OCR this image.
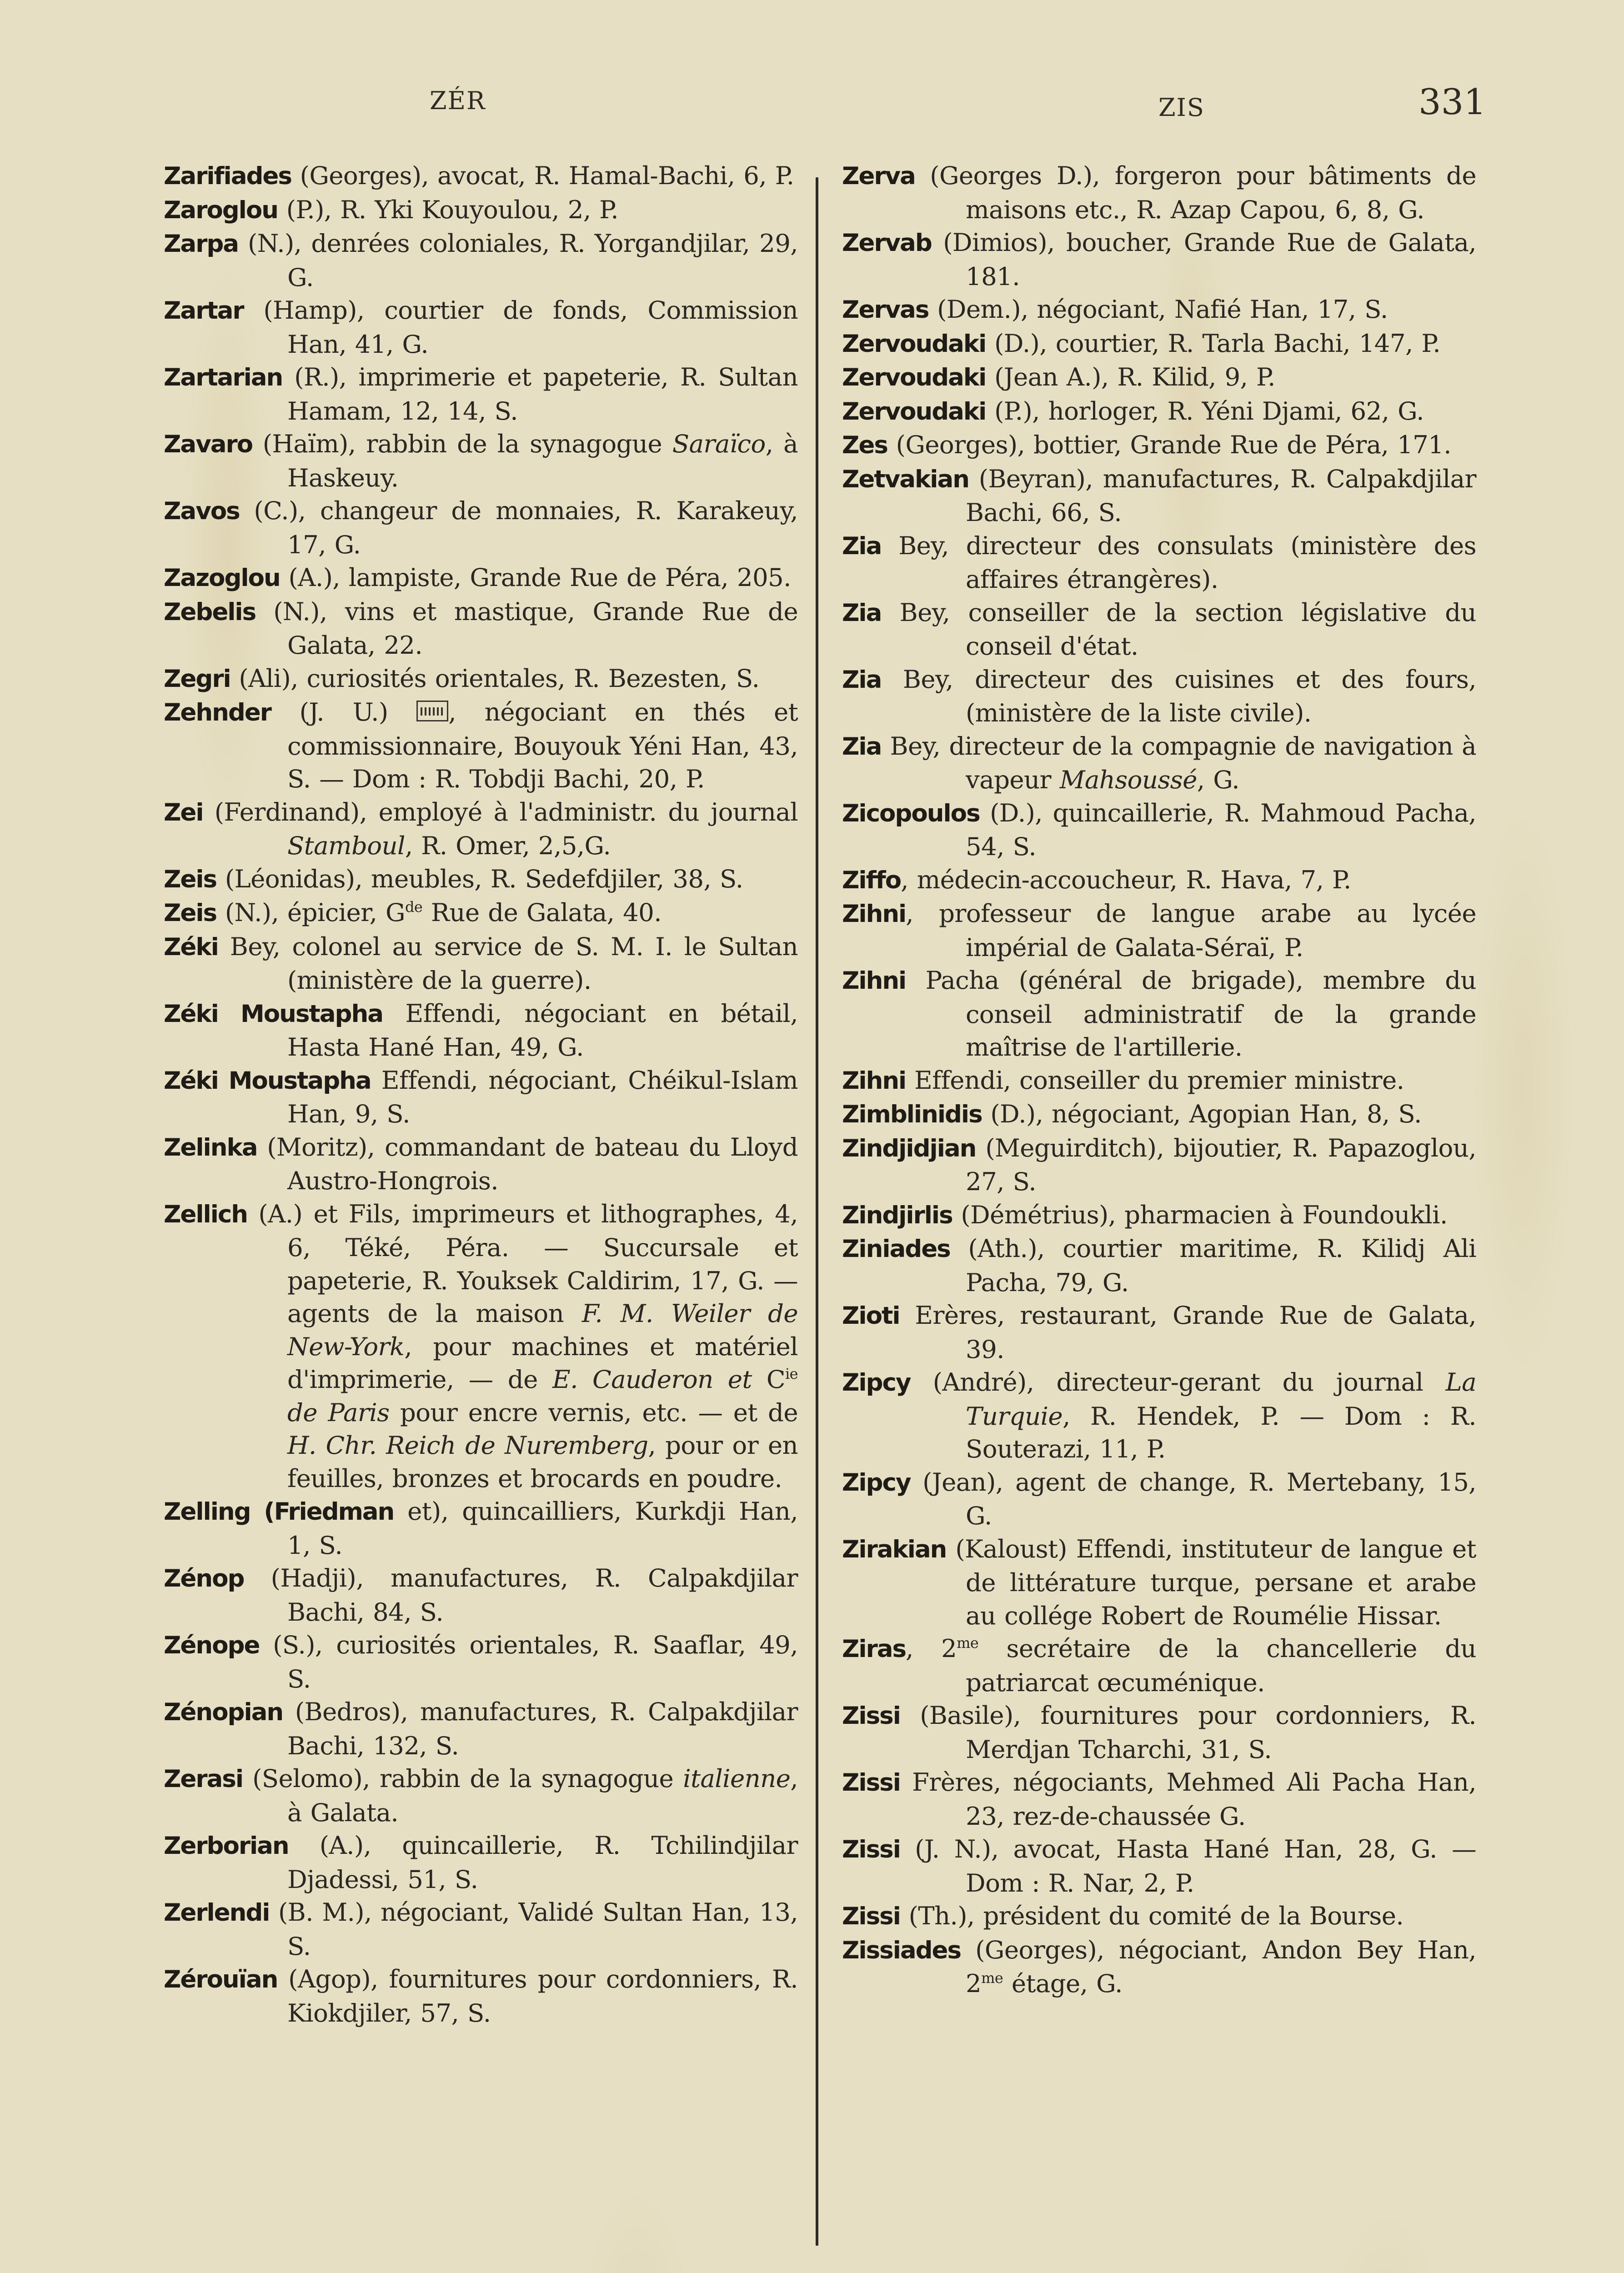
ZÉR	ZIS	331

Zarifiades (Georges), avocat, R. Hamal-Bachi, 6, P.

Zaroglou (P.), R. Yki Kouyoulou, 2, P.

Zarpa (N.), denrées coloniales, R. Yorgandjilar, 29, G.

Zartar (Hamp), courtier de fonds, Commission Han, 41, G.

Zartarian (R.), imprimerie et papeterie, R. Sultan Hamam, 12, 14, S.

Zavaro (Haïm), rabbin de la synagogue Saraïco, à Haskeuy.

Zavos (C.), changeur de monnaies, R. Karakeuy, 17, G.

Zazoglou (A.), lampiste, Grande Rue de Péra, 205.

Zebelis (N.), vins et mastique, Grande Rue de Galata, 22.

Zegri (Ali), curiosités orientales, R. Bezesten, S.

Zehnder (J. U.) , négociant en thés et commissionnaire, Bouyouk Yéni Han, 43, S. — Dom : R. Tobdji Bachi, 20, P.

Zei (Ferdinand), employé à l'administr. du journal Stamboul, R. Omer, 2,5,G.

Zeis (Léonidas), meubles, R. Sedefdjiler, 38, S.

Zeis (N.), épicier, $G^{de}$ Rue de Galata, 40.

Zéki Bey, colonel au service de S. M. I. le Sultan (ministère de la guerre).

Zéki Moustapha Effendi, négociant en bétail, Hasta Hané Han, 49, G.

Zéki Moustapha Effendi, négociant, Chéikul-Islam Han, 9, S.

Zelinka (Moritz), commandant de bateau du Lloyd Austro-Hongrois.

Zellich (A.) et Fils, imprimeurs et lithographes, 4, 6, Téké, Péra. — Succursale et papeterie, R. Youksek Caldirim, 17, G. — agents de la maison F. M. Weiler de New-York, pour machines et matériel d'imprimerie, — de E. Cauderon et $C^{ie}$ de Paris pour encre vernis, etc. — et de H. Chr. Reich de Nuremberg, pour or en feuilles, bronzes et brocards en poudre.

Zelling (Friedman et), quincailliers, Kurkdji Han, 1, S.

Zénop (Hadji), manufactures, R. Calpakdjilar Bachi, 84, S.

Zénope (S.), curiosités orientales, R. Saaflar, 49, S.

Zénopian (Bedros), manufactures, R. Calpakdjilar Bachi, 132, S.

Zerasi (Selomo), rabbin de la synagogue italienne, à Galata.

Zerborian (A.), quincaillerie, R. Tchilindjilar Djadessi, 51, S.

Zerlendi (B. M.), négociant, Validé Sultan Han, 13, S.

Zérouïan (Agop), fournitures pour cordonniers, R. Kiokdjiler, 57, S.

Zerva (Georges D.), forgeron pour bâtiments de maisons etc., R. Azap Capou, 6, 8, G.

Zervab (Dimios), boucher, Grande Rue de Galata, 181.

Zervas (Dem.), négociant, Nafié Han, 17, S.

Zervoudaki (D.), courtier, R. Tarla Bachi, 147, P.

Zervoudaki (Jean A.), R. Kilid, 9, P.

Zervoudaki (P.), horloger, R. Yéni Djami, 62, G.

Zes (Georges), bottier, Grande Rue de Péra, 171.

Zetvakian (Beyran), manufactures, R. Calpakdjilar Bachi, 66, S.

Zia Bey, directeur des consulats (ministère des affaires étrangères).

Zia Bey, conseiller de la section législative du conseil d'état.

Zia Bey, directeur des cuisines et des fours, (ministère de la liste civile).

Zia Bey, directeur de la compagnie de navigation à vapeur Mahsoussé, G.

Zicopoulos (D.), quincaillerie, R. Mahmoud Pacha, 54, S.

Ziffo, médecin-accoucheur, R. Hava, 7, P.

Zihni, professeur de langue arabe au lycée impérial de Galata-Séraï, P.

Zihni Pacha (général de brigade), membre du conseil administratif de la grande maîtrise de l'artillerie.

Zihni Effendi, conseiller du premier ministre.

Zimblinidis (D.), négociant, Agopian Han, 8, S.

Zindjidjian (Meguirditch), bijoutier, R. Papazoglou, 27, S.

Zindjirlis (Démétrius), pharmacien à Foundoukli.

Ziniades (Ath.), courtier maritime, R. Kilidj Ali Pacha, 79, G.

Zioti Erères, restaurant, Grande Rue de Galata, 39.

Zipcy (André), directeur-gerant du journal La Turquie, R. Hendek, P. — Dom : R. Souterazi, 11, P.

Zipcy (Jean), agent de change, R. Mertebany, 15, G.

Zirakian (Kaloust) Effendi, instituteur de langue et de littérature turque, persane et arabe au collége Robert de Roumélie Hissar.

Ziras, $2^{me}$ secrétaire de la chancellerie du patriarcat œcuménique.

Zissi (Basile), fournitures pour cordonniers, R. Merdjan Tcharchi, 31, S.

Zissi Frères, négociants, Mehmed Ali Pacha Han, 23, rez-de-chaussée G.

Zissi (J. N.), avocat, Hasta Hané Han, 28, G. — Dom : R. Nar, 2, P.

Zissi (Th.), président du comité de la Bourse.

Zissiades (Georges), négociant, Andon Bey Han, $2^{me}$ étage, G.
